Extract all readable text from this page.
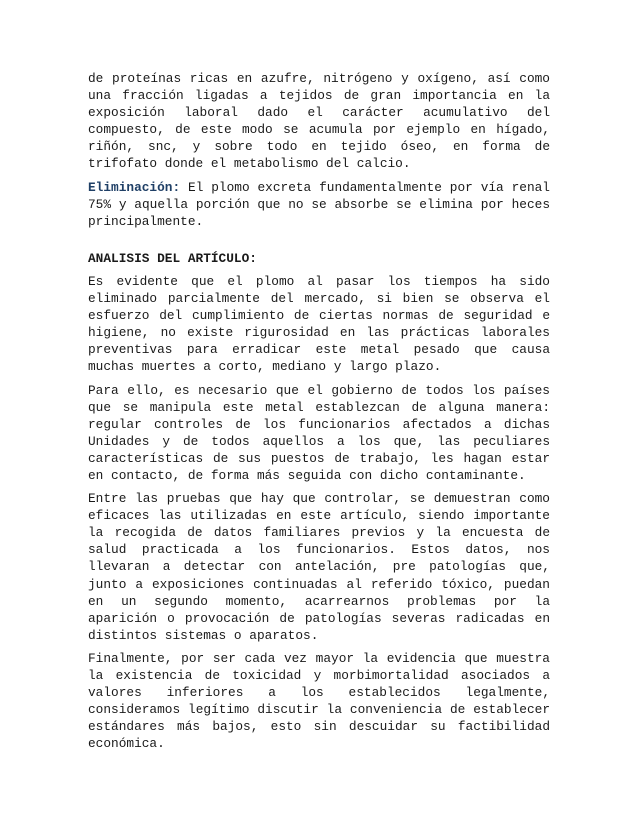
de proteínas ricas en azufre, nitrógeno y oxígeno, así como una fracción ligadas a tejidos de gran importancia en la exposición laboral dado el carácter acumulativo del compuesto, de este modo se acumula por ejemplo en hígado, riñón, snc, y sobre todo en tejido óseo, en forma de trifofato donde el metabolismo del calcio.

Eliminación: El plomo excreta fundamentalmente por vía renal 75% y aquella porción que no se absorbe se elimina por heces principalmente.

ANALISIS DEL ARTÍCULO:

Es evidente que el plomo al pasar los tiempos ha sido eliminado parcialmente del mercado, si bien se observa el esfuerzo del cumplimiento de ciertas normas de seguridad e higiene, no existe rigurosidad en las prácticas laborales preventivas para erradicar este metal pesado que causa muchas muertes a corto, mediano y largo plazo.

Para ello, es necesario que el gobierno de todos los países que se manipula este metal establezcan de alguna manera: regular controles de los funcionarios afectados a dichas Unidades y de todos aquellos a los que, las peculiares características de sus puestos de trabajo, les hagan estar en contacto, de forma más seguida con dicho contaminante.

Entre las pruebas que hay que controlar, se demuestran como eficaces las utilizadas en este artículo, siendo importante la recogida de datos familiares previos y la encuesta de salud practicada a los funcionarios. Estos datos, nos llevaran a detectar con antelación, pre patologías que, junto a exposiciones continuadas al referido tóxico, puedan en un segundo momento, acarrearnos problemas por la aparición o provocación de patologías severas radicadas en distintos sistemas o aparatos.

Finalmente, por ser cada vez mayor la evidencia que muestra la existencia de toxicidad y morbimortalidad asociados a valores inferiores a los establecidos legalmente, consideramos legítimo discutir la conveniencia de establecer estándares más bajos, esto sin descuidar su factibilidad económica.
